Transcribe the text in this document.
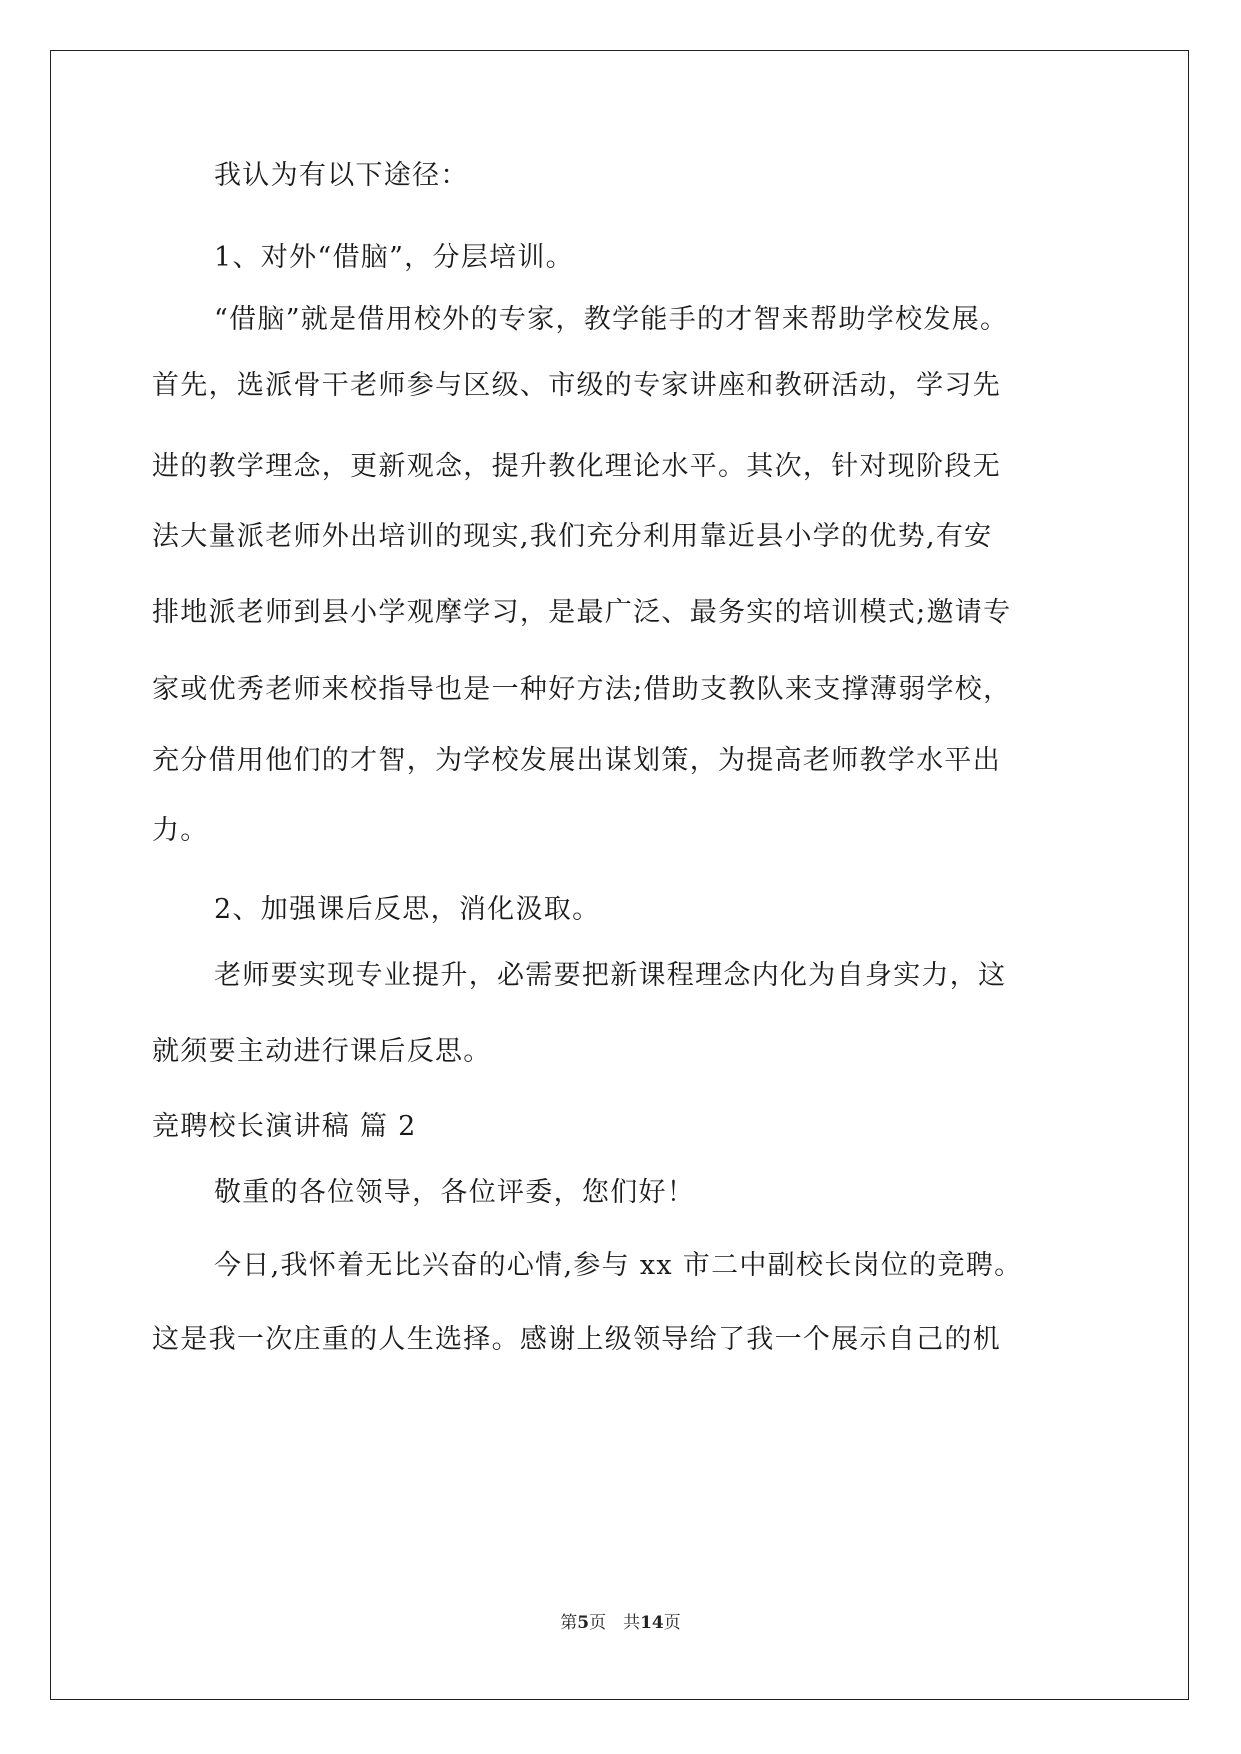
我认为有以下途径：
1、对外“借脑”，分层培训。
“借脑”就是借用校外的专家，教学能手的才智来帮助学校发展。
首先，选派骨干老师参与区级、市级的专家讲座和教研活动，学习先
进的教学理念，更新观念，提升教化理论水平。其次，针对现阶段无
法大量派老师外出培训的现实,我们充分利用靠近县小学的优势,有安
排地派老师到县小学观摩学习，是最广泛、最务实的培训模式;邀请专
家或优秀老师来校指导也是一种好方法;借助支教队来支撑薄弱学校，
充分借用他们的才智，为学校发展出谋划策，为提高老师教学水平出
力。
2、加强课后反思，消化汲取。
老师要实现专业提升，必需要把新课程理念内化为自身实力，这
就须要主动进行课后反思。
竞聘校长演讲稿 篇 2
敬重的各位领导，各位评委，您们好！
今日,我怀着无比兴奋的心情,参与 xx 市二中副校长岗位的竞聘。
这是我一次庄重的人生选择。感谢上级领导给了我一个展示自己的机
第5页　共14页
